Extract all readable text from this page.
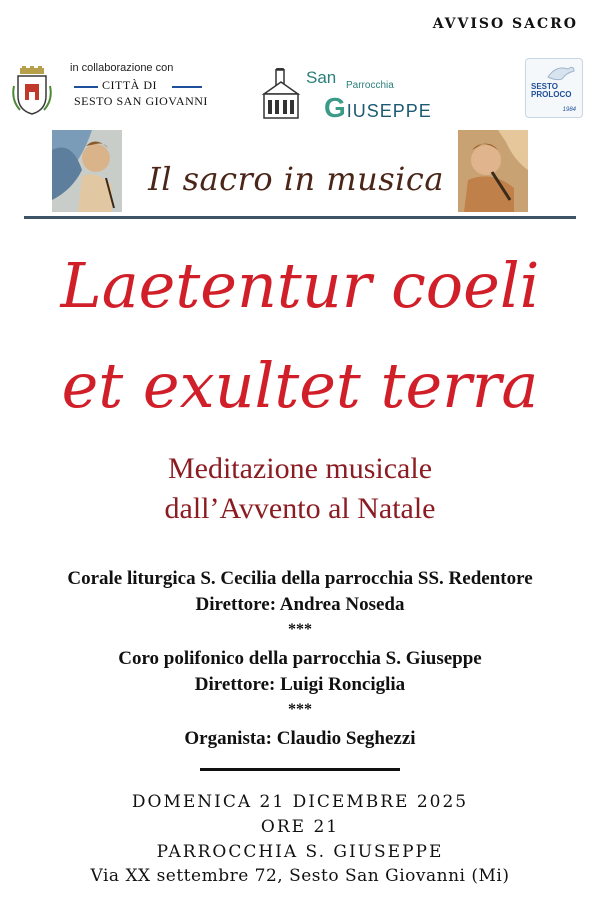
AVVISO SACRO
in collaborazione con
CITTÀ DI
SESTO SAN GIOVANNI
San Parrocchia
GIUSEPPE
SESTO
PROLOCO
1984
Il sacro in musica
Laetentur coeli
et exultet terra
Meditazione musicale
dall’Avvento al Natale
Corale liturgica S. Cecilia della parrocchia SS. Redentore
Direttore: Andrea Noseda
***
Coro polifonico della parrocchia S. Giuseppe
Direttore: Luigi Ronciglia
***
Organista: Claudio Seghezzi
DOMENICA 21 DICEMBRE 2025
ORE 21
PARROCCHIA S. GIUSEPPE
Via XX settembre 72, Sesto San Giovanni (Mi)
